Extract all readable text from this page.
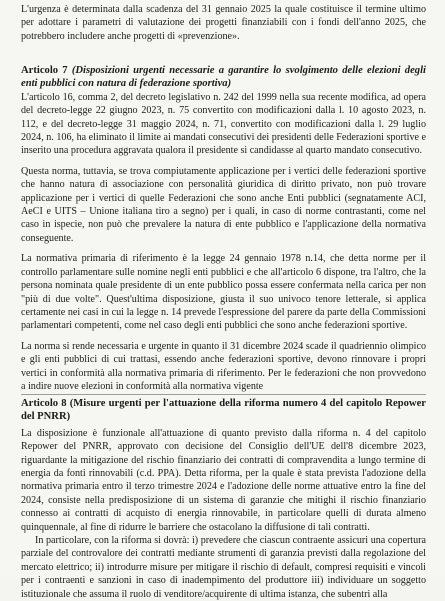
L'urgenza è determinata dalla scadenza del 31 gennaio 2025 la quale costituisce il termine ultimo per adottare i parametri di valutazione dei progetti finanziabili con i fondi dell'anno 2025, che potrebbero includere anche progetti di «prevenzione».

Articolo 7 (Disposizioni urgenti necessarie a garantire lo svolgimento delle elezioni degli enti pubblici con natura di federazione sportiva)

L'articolo 16, comma 2, del decreto legislativo n. 242 del 1999 nella sua recente modifica, ad opera del decreto-legge 22 giugno 2023, n. 75 convertito con modificazioni dalla l. 10 agosto 2023, n. 112, e del decreto-legge 31 maggio 2024, n. 71, convertito con modificazioni dalla l. 29 luglio 2024, n. 106, ha eliminato il limite ai mandati consecutivi dei presidenti delle Federazioni sportive e inserito una procedura aggravata qualora il presidente si candidasse al quarto mandato consecutivo.

Questa norma, tuttavia, se trova compiutamente applicazione per i vertici delle federazioni sportive che hanno natura di associazione con personalità giuridica di diritto privato, non può trovare applicazione per i vertici di quelle Federazioni che sono anche Enti pubblici (segnatamente ACI, AeCI e UITS – Unione italiana tiro a segno) per i quali, in caso di norme contrastanti, come nel caso in ispecie, non può che prevalere la natura di ente pubblico e l'applicazione della normativa conseguente.

La normativa primaria di riferimento è la legge 24 gennaio 1978 n.14, che detta norme per il controllo parlamentare sulle nomine negli enti pubblici e che all'articolo 6 dispone, tra l'altro, che la persona nominata quale presidente di un ente pubblico possa essere confermata nella carica per non "più di due volte". Quest'ultima disposizione, giusta il suo univoco tenore letterale, si applica certamente nei casi in cui la legge n. 14 prevede l'espressione del parere da parte della Commissioni parlamentari competenti, come nel caso degli enti pubblici che sono anche federazioni sportive.

La norma si rende necessaria e urgente in quanto il 31 dicembre 2024 scade il quadriennio olimpico e gli enti pubblici di cui trattasi, essendo anche federazioni sportive, devono rinnovare i propri vertici in conformità alla normativa primaria di riferimento. Per le federazioni che non provvedono a indire nuove elezioni in conformità alla normativa vigente

Articolo 8 (Misure urgenti per l'attuazione della riforma numero 4 del capitolo Repower del PNRR)

La disposizione è funzionale all'attuazione di quanto previsto dalla riforma n. 4 del capitolo Repower del PNRR, approvato con decisione del Consiglio dell'UE dell'8 dicembre 2023, riguardante la mitigazione del rischio finanziario dei contratti di compravendita a lungo termine di energia da fonti rinnovabili (c.d. PPA). Detta riforma, per la quale è stata prevista l'adozione della normativa primaria entro il terzo trimestre 2024 e l'adozione delle norme attuative entro la fine del 2024, consiste nella predisposizione di un sistema di garanzie che mitighi il rischio finanziario connesso ai contratti di acquisto di energia rinnovabile, in particolare quelli di durata almeno quinquennale, al fine di ridurre le barriere che ostacolano la diffusione di tali contratti.

In particolare, con la riforma si dovrà: i) prevedere che ciascun contraente assicuri una copertura parziale del controvalore dei contratti mediante strumenti di garanzia previsti dalla regolazione del mercato elettrico; ii) introdurre misure per mitigare il rischio di default, compresi requisiti e vincoli per i contraenti e sanzioni in caso di inadempimento del produttore iii) individuare un soggetto istituzionale che assuma il ruolo di venditore/acquirente di ultima istanza, che subentri alla
